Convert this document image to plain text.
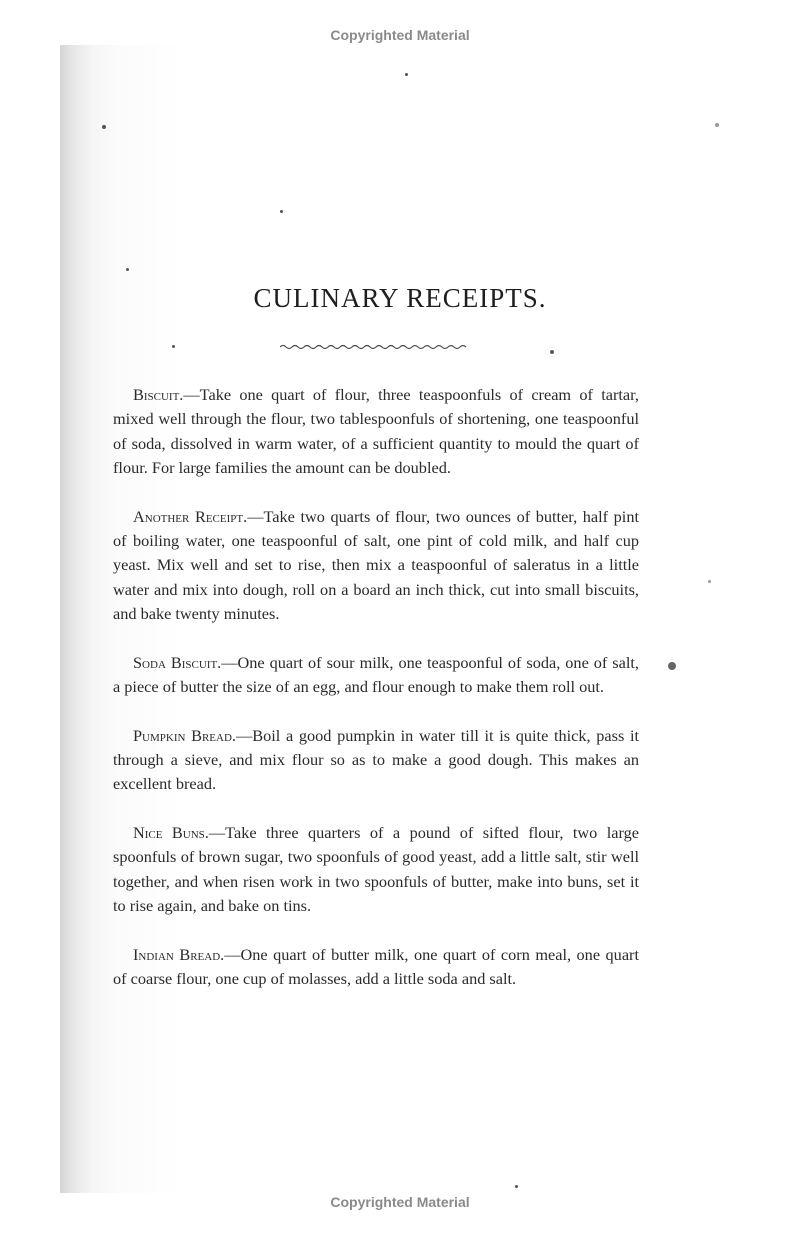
Copyrighted Material
CULINARY RECEIPTS.

Biscuit.—Take one quart of flour, three teaspoonfuls of cream of tartar, mixed well through the flour, two tablespoonfuls of shortening, one teaspoonful of soda, dissolved in warm water, of a sufficient quantity to mould the quart of flour. For large families the amount can be doubled.

Another Receipt.—Take two quarts of flour, two ounces of butter, half pint of boiling water, one teaspoonful of salt, one pint of cold milk, and half cup yeast. Mix well and set to rise, then mix a teaspoonful of saleratus in a little water and mix into dough, roll on a board an inch thick, cut into small biscuits, and bake twenty minutes.

Soda Biscuit.—One quart of sour milk, one teaspoonful of soda, one of salt, a piece of butter the size of an egg, and flour enough to make them roll out.

Pumpkin Bread.—Boil a good pumpkin in water till it is quite thick, pass it through a sieve, and mix flour so as to make a good dough. This makes an excellent bread.

Nice Buns.—Take three quarters of a pound of sifted flour, two large spoonfuls of brown sugar, two spoonfuls of good yeast, add a little salt, stir well together, and when risen work in two spoonfuls of butter, make into buns, set it to rise again, and bake on tins.

Indian Bread.—One quart of butter milk, one quart of corn meal, one quart of coarse flour, one cup of molasses, add a little soda and salt.

Copyrighted Material
